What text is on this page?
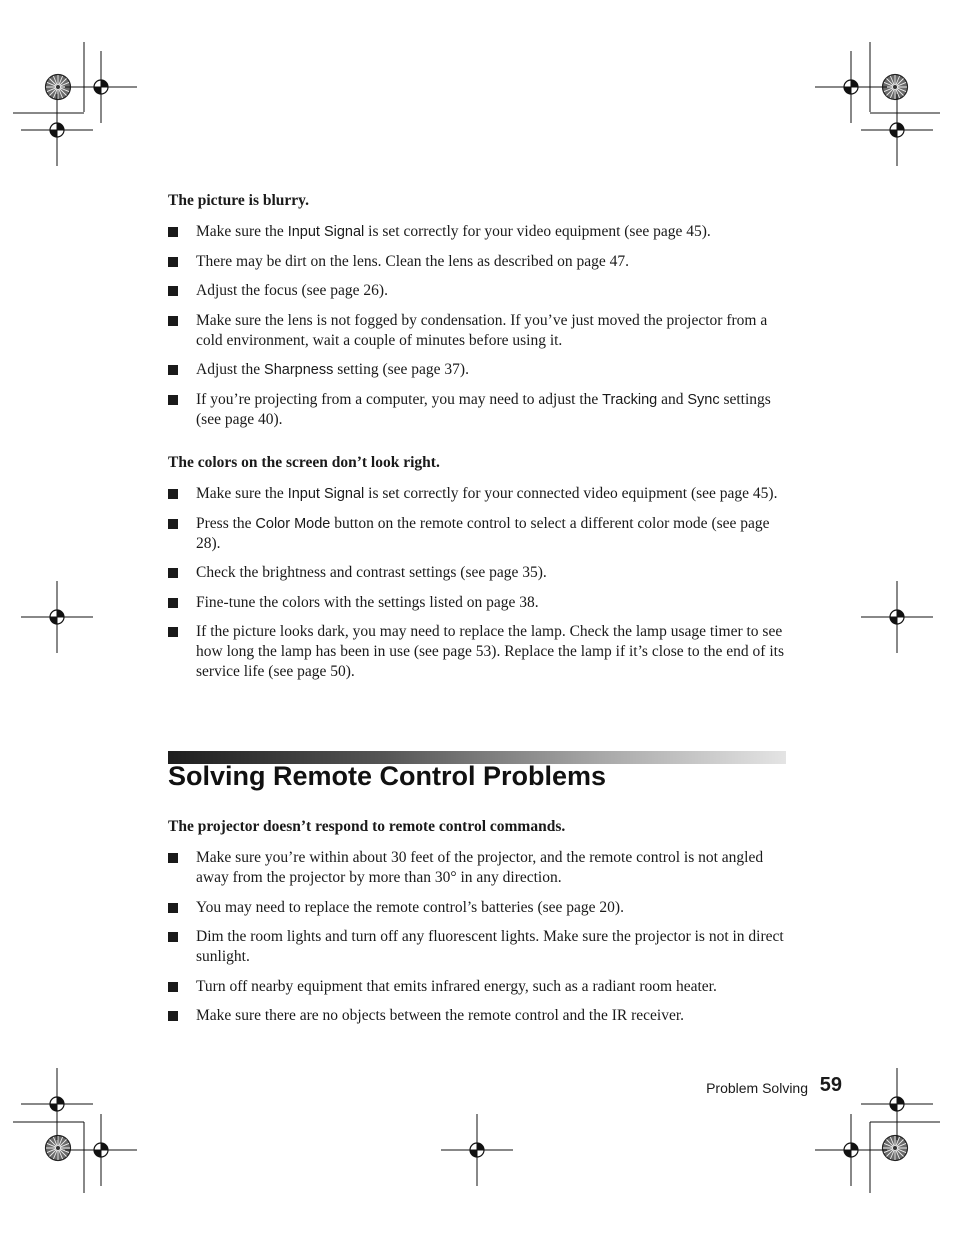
The picture is blurry.

Make sure the Input Signal is set correctly for your video equipment (see page 45).
There may be dirt on the lens. Clean the lens as described on page 47.
Adjust the focus (see page 26).
Make sure the lens is not fogged by condensation. If you’ve just moved the projector from a cold environment, wait a couple of minutes before using it.
Adjust the Sharpness setting (see page 37).
If you’re projecting from a computer, you may need to adjust the Tracking and Sync settings (see page 40).

The colors on the screen don’t look right.

Make sure the Input Signal is set correctly for your connected video equipment (see page 45).
Press the Color Mode button on the remote control to select a different color mode (see page 28).
Check the brightness and contrast settings (see page 35).
Fine-tune the colors with the settings listed on page 38.
If the picture looks dark, you may need to replace the lamp. Check the lamp usage timer to see how long the lamp has been in use (see page 53). Replace the lamp if it’s close to the end of its service life (see page 50).
Solving Remote Control Problems

The projector doesn’t respond to remote control commands.

Make sure you’re within about 30 feet of the projector, and the remote control is not angled away from the projector by more than 30° in any direction.
You may need to replace the remote control’s batteries (see page 20).
Dim the room lights and turn off any fluorescent lights. Make sure the projector is not in direct sunlight.
Turn off nearby equipment that emits infrared energy, such as a radiant room heater.
Make sure there are no objects between the remote control and the IR receiver.
Problem Solving 59
